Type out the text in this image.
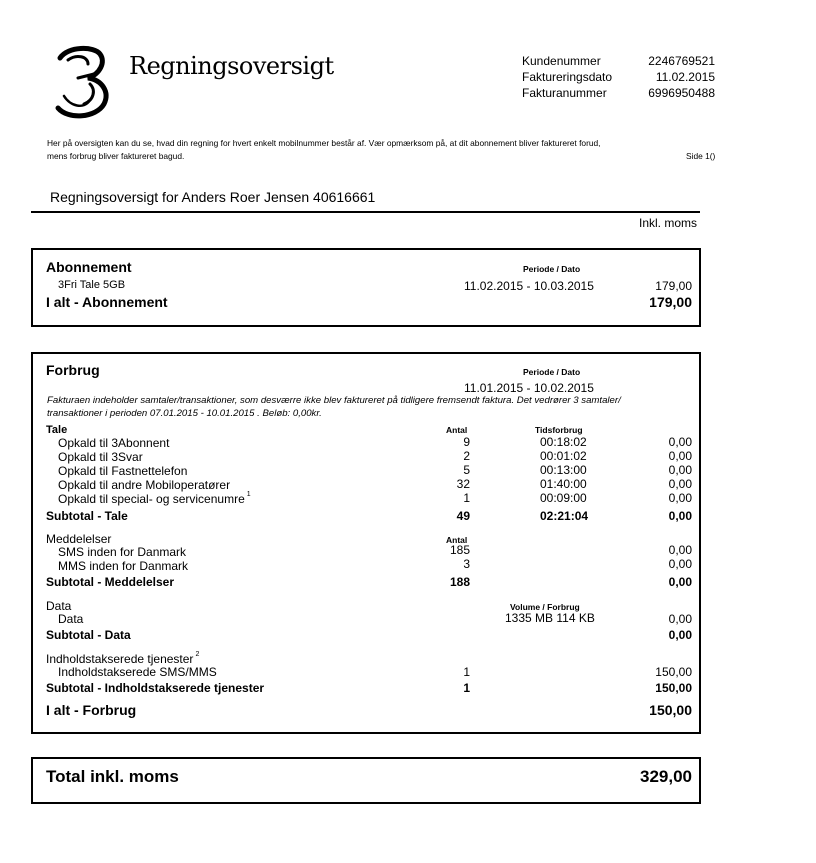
Regningsoversigt	Kundenummer	2246769521
Faktureringsdato	11.02.2015
Fakturanummer	6996950488
Her på oversigten kan du se, hvad din regning for hvert enkelt mobilnummer består af. Vær opmærksom på, at dit abonnement bliver faktureret forud,
mens forbrug bliver faktureret bagud.	Side 1()
Regningsoversigt for Anders Roer Jensen 40616661
Inkl. moms
Abonnement	Periode / Dato
3Fri Tale 5GB	11.02.2015 - 10.03.2015	179,00
I alt - Abonnement	179,00
Forbrug	Periode / Dato
11.01.2015 - 10.02.2015
Fakturaen indeholder samtaler/transaktioner, som desværre ikke blev faktureret på tidligere fremsendt faktura. Det vedrører 3 samtaler/
transaktioner i perioden 07.01.2015 - 10.01.2015 . Beløb: 0,00kr.
Tale	Antal	Tidsforbrug
Opkald til 3Abonnent	9	00:18:02	0,00
Opkald til 3Svar	2	00:01:02	0,00
Opkald til Fastnettelefon	5	00:13:00	0,00
Opkald til andre Mobiloperatører	32	01:40:00	0,00
Opkald til special- og servicenumre $^1$	1	00:09:00	0,00
Subtotal - Tale	49	02:21:04	0,00
Meddelelser	Antal
SMS inden for Danmark	185	0,00
MMS inden for Danmark	3	0,00
Subtotal - Meddelelser	188	0,00
Data	Volume / Forbrug
Data	1335 MB 114 KB	0,00
Subtotal - Data	0,00
Indholdstakserede tjenester $^2$
Indholdstakserede SMS/MMS	1	150,00
Subtotal - Indholdstakserede tjenester	1	150,00
I alt - Forbrug	150,00
Total inkl. moms	329,00
